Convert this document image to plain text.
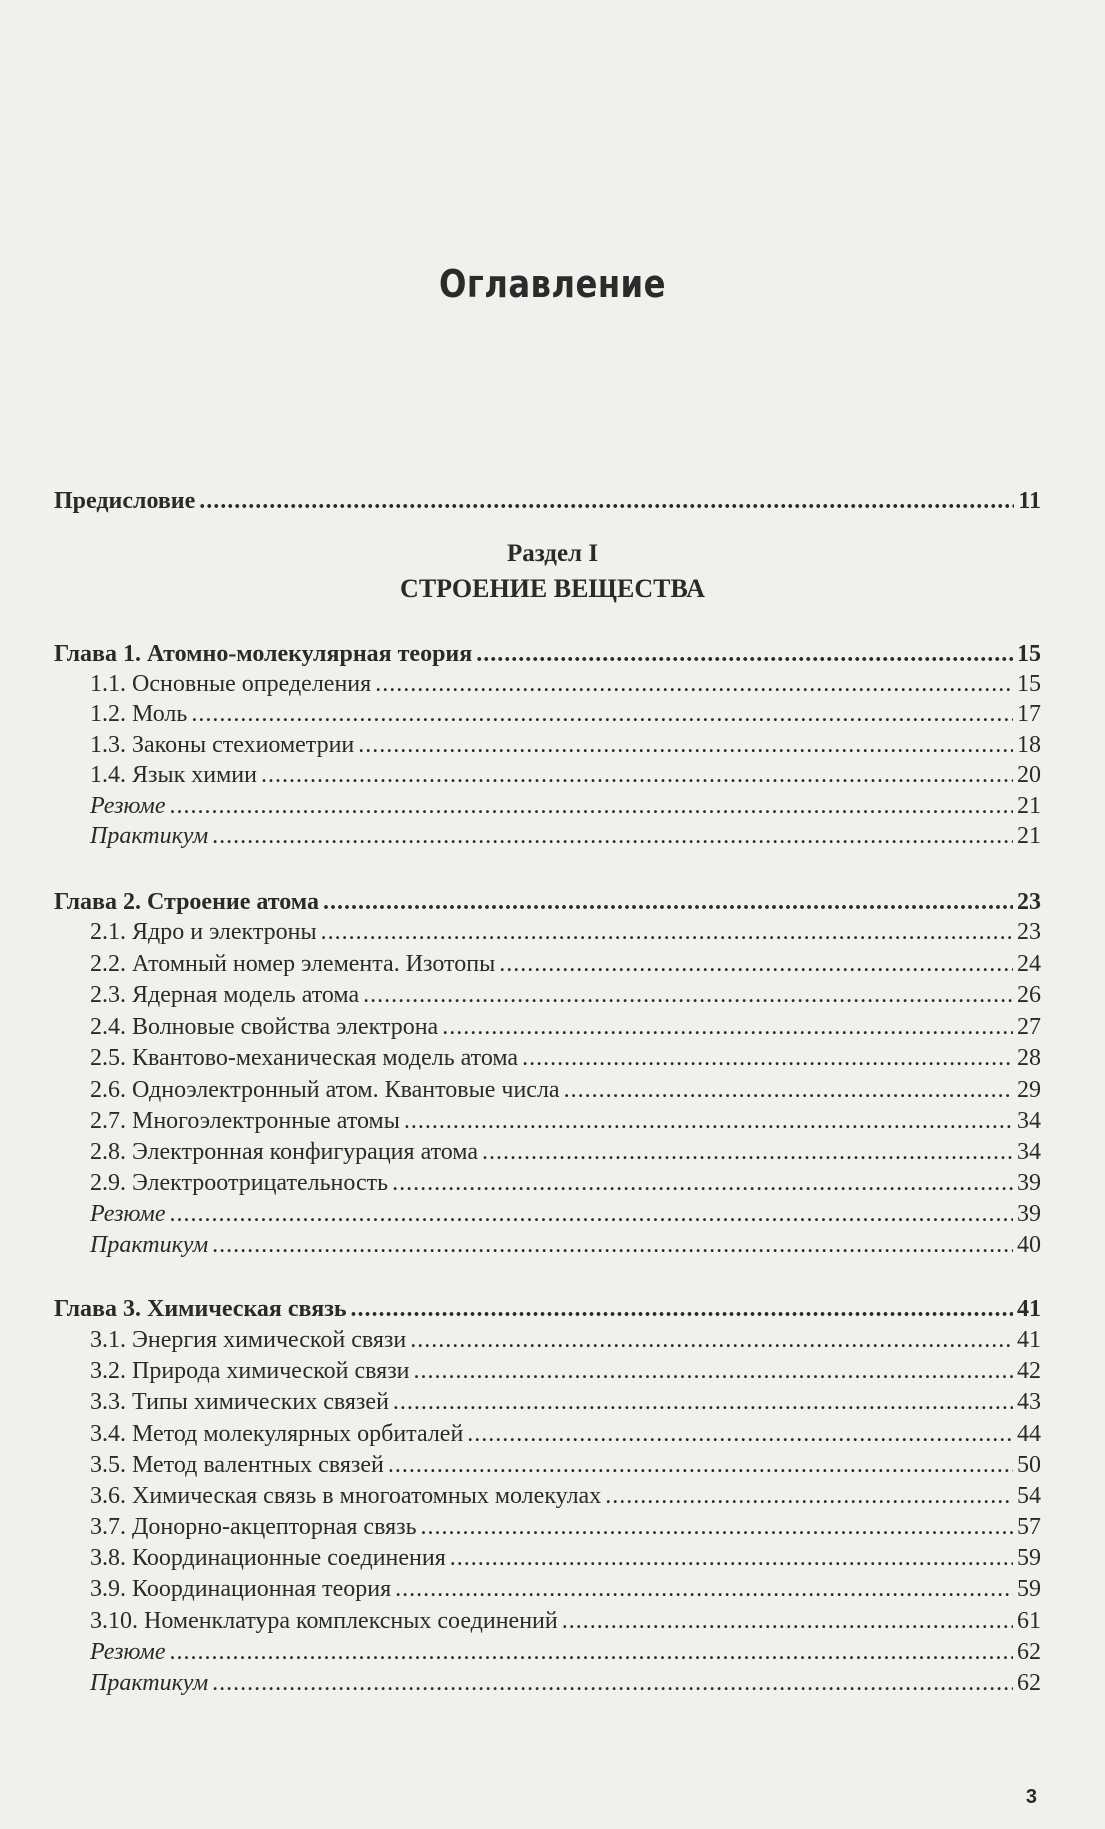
Оглавление
Предисловие .....	11
Раздел I
СТРОЕНИЕ ВЕЩЕСТВА
Глава 1. Атомно-молекулярная теория .....	15
1.1. Основные определения .....	15
1.2. Моль .....	17
1.3. Законы стехиометрии .....	18
1.4. Язык химии .....	20
Резюме .....	21
Практикум .....	21
Глава 2. Строение атома .....	23
2.1. Ядро и электроны .....	23
2.2. Атомный номер элемента. Изотопы .....	24
2.3. Ядерная модель атома .....	26
2.4. Волновые свойства электрона .....	27
2.5. Квантово-механическая модель атома .....	28
2.6. Одноэлектронный атом. Квантовые числа .....	29
2.7. Многоэлектронные атомы .....	34
2.8. Электронная конфигурация атома .....	34
2.9. Электроотрицательность .....	39
Резюме .....	39
Практикум .....	40
Глава 3. Химическая связь .....	41
3.1. Энергия химической связи .....	41
3.2. Природа химической связи .....	42
3.3. Типы химических связей .....	43
3.4. Метод молекулярных орбиталей .....	44
3.5. Метод валентных связей .....	50
3.6. Химическая связь в многоатомных молекулах .....	54
3.7. Донорно-акцепторная связь .....	57
3.8. Координационные соединения .....	59
3.9. Координационная теория .....	59
3.10. Номенклатура комплексных соединений .....	61
Резюме .....	62
Практикум .....	62
3
